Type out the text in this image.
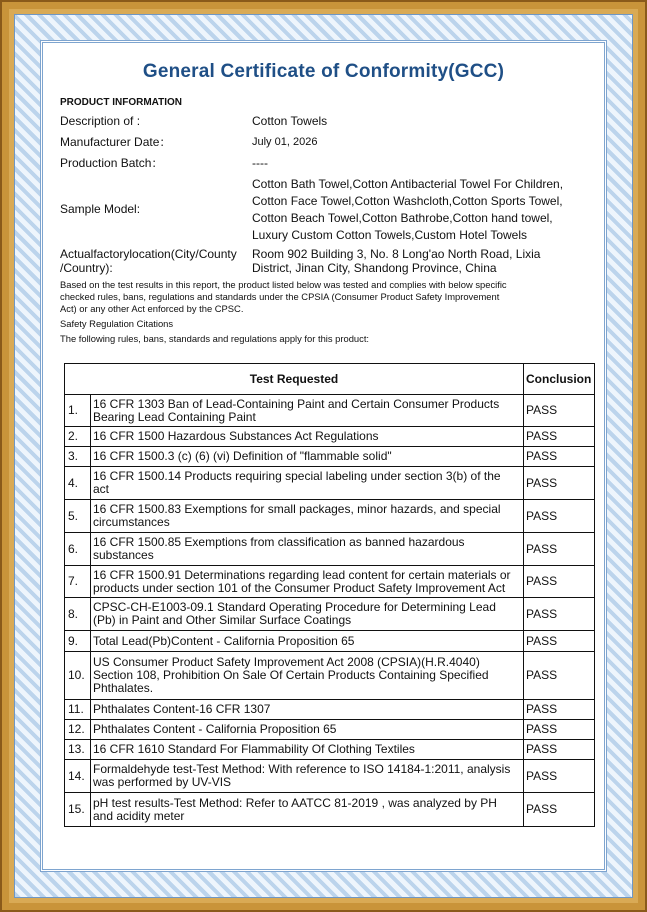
General Certificate of Conformity(GCC)
PRODUCT INFORMATION
Description of :	Cotton Towels
Manufacturer Date：	July 01, 2026
Production Batch：	----
Sample Model:
Cotton Bath Towel,Cotton Antibacterial Towel For Children,
Cotton Face Towel,Cotton Washcloth,Cotton Sports Towel,
Cotton Beach Towel,Cotton Bathrobe,Cotton hand towel,
Luxury Custom Cotton Towels,Custom Hotel Towels
Actualfactorylocation(City/County
/Country):
Room 902 Building 3, No. 8 Long'ao North Road, Lixia
District, Jinan City, Shandong Province, China
Based on the test results in this report, the product listed below was tested and complies with below specific
checked rules, bans, regulations and standards under the CPSIA (Consumer Product Safety Improvement
Act) or any other Act enforced by the CPSC.
Safety Regulation Citations
The following rules, bans, standards and regulations apply for this product:
Test Requested		Conclusion
1.	16 CFR 1303 Ban of Lead-Containing Paint and Certain Consumer Products
Bearing Lead Containing Paint	PASS
2.	16 CFR 1500 Hazardous Substances Act Regulations	PASS
3.	16 CFR 1500.3 (c) (6) (vi) Definition of "flammable solid"	PASS
4.	16 CFR 1500.14 Products requiring special labeling under section 3(b) of the
act	PASS
5.	16 CFR 1500.83 Exemptions for small packages, minor hazards, and special
circumstances	PASS
6.	16 CFR 1500.85 Exemptions from classification as banned hazardous
substances	PASS
7.	16 CFR 1500.91 Determinations regarding lead content for certain materials or
products under section 101 of the Consumer Product Safety Improvement Act	PASS
8.	CPSC-CH-E1003-09.1 Standard Operating Procedure for Determining Lead
(Pb) in Paint and Other Similar Surface Coatings	PASS
9.	Total Lead(Pb)Content - California Proposition 65	PASS
10.	US Consumer Product Safety Improvement Act 2008 (CPSIA)(H.R.4040)
Section 108, Prohibition On Sale Of Certain Products Containing Specified
Phthalates.	PASS
11.	Phthalates Content-16 CFR 1307	PASS
12.	Phthalates Content - California Proposition 65	PASS
13.	16 CFR 1610 Standard For Flammability Of Clothing Textiles	PASS
14.	Formaldehyde test-Test Method: With reference to ISO 14184-1:2011, analysis
was performed by UV-VIS	PASS
15.	pH test results-Test Method: Refer to AATCC 81-2019 , was analyzed by PH
and acidity meter	PASS
